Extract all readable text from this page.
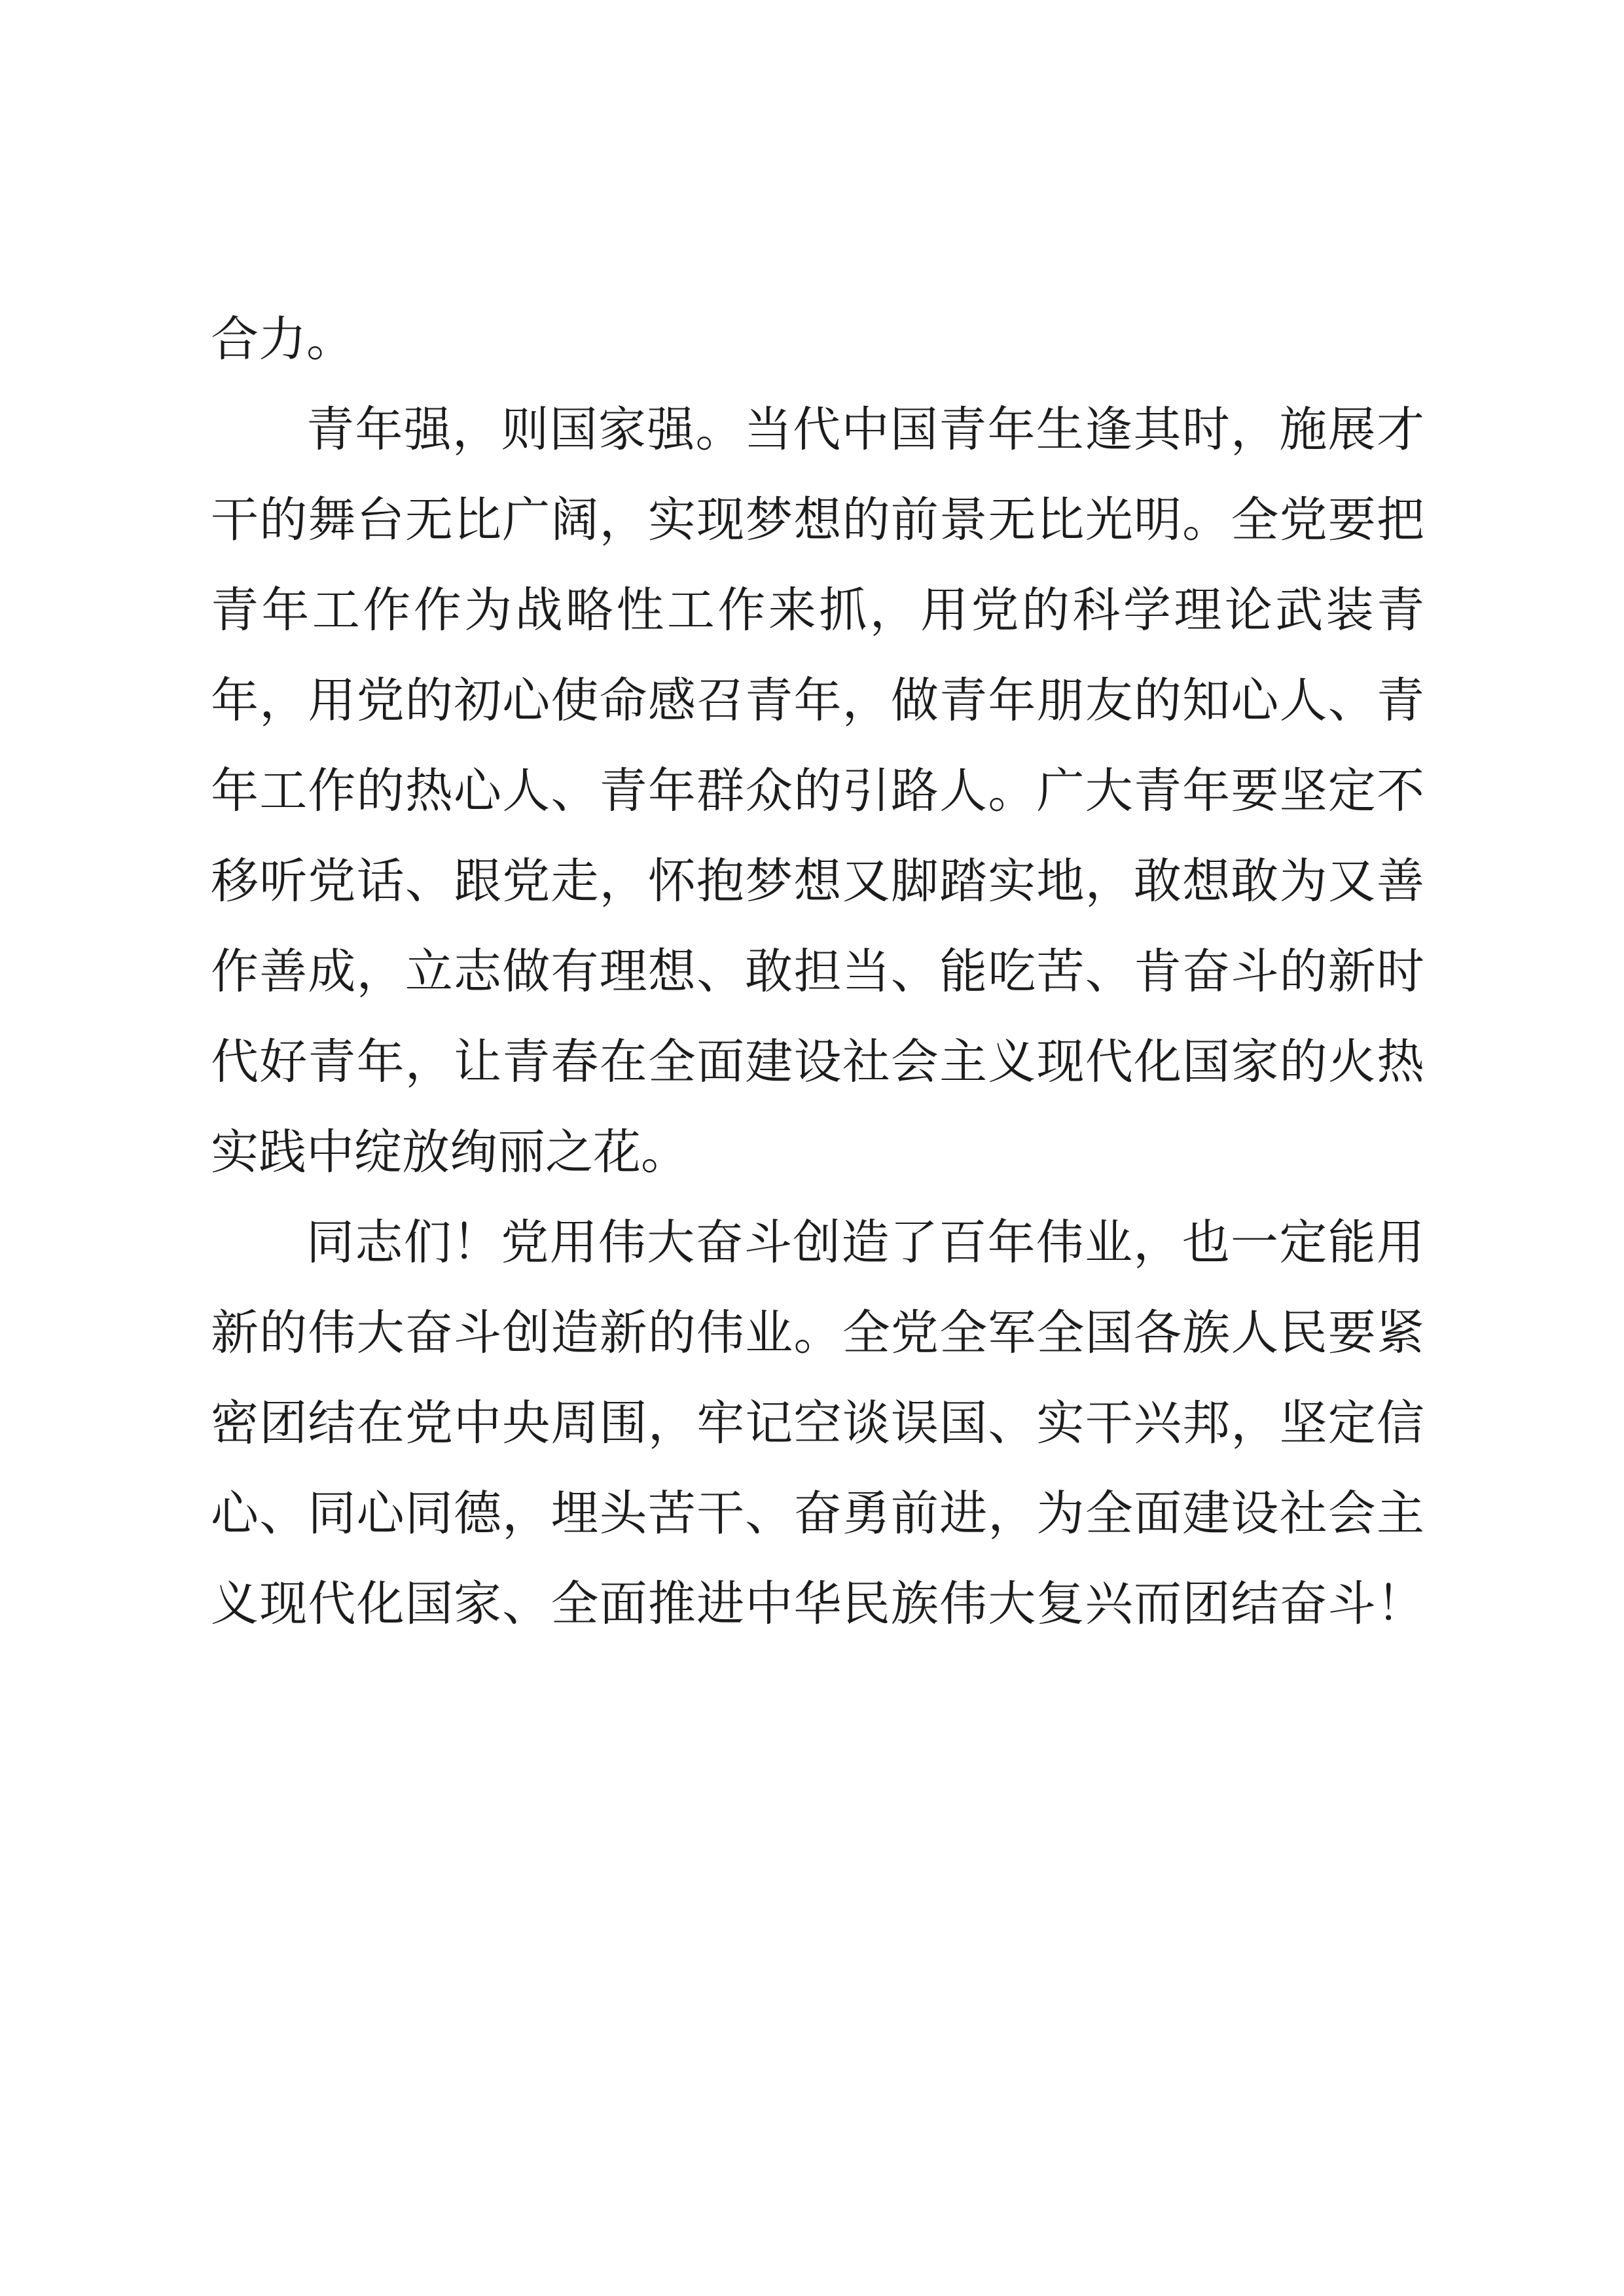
合力。
青年强，则国家强。当代中国青年生逢其时，施展才
干的舞台无比广阔，实现梦想的前景无比光明。全党要把
青年工作作为战略性工作来抓，用党的科学理论武装青
年，用党的初心使命感召青年，做青年朋友的知心人、青
年工作的热心人、青年群众的引路人。广大青年要坚定不
移听党话、跟党走，怀抱梦想又脚踏实地，敢想敢为又善
作善成，立志做有理想、敢担当、能吃苦、肯奋斗的新时
代好青年，让青春在全面建设社会主义现代化国家的火热
实践中绽放绚丽之花。
同志们！党用伟大奋斗创造了百年伟业，也一定能用
新的伟大奋斗创造新的伟业。全党全军全国各族人民要紧
密团结在党中央周围，牢记空谈误国、实干兴邦，坚定信
心、同心同德，埋头苦干、奋勇前进，为全面建设社会主
义现代化国家、全面推进中华民族伟大复兴而团结奋斗！
